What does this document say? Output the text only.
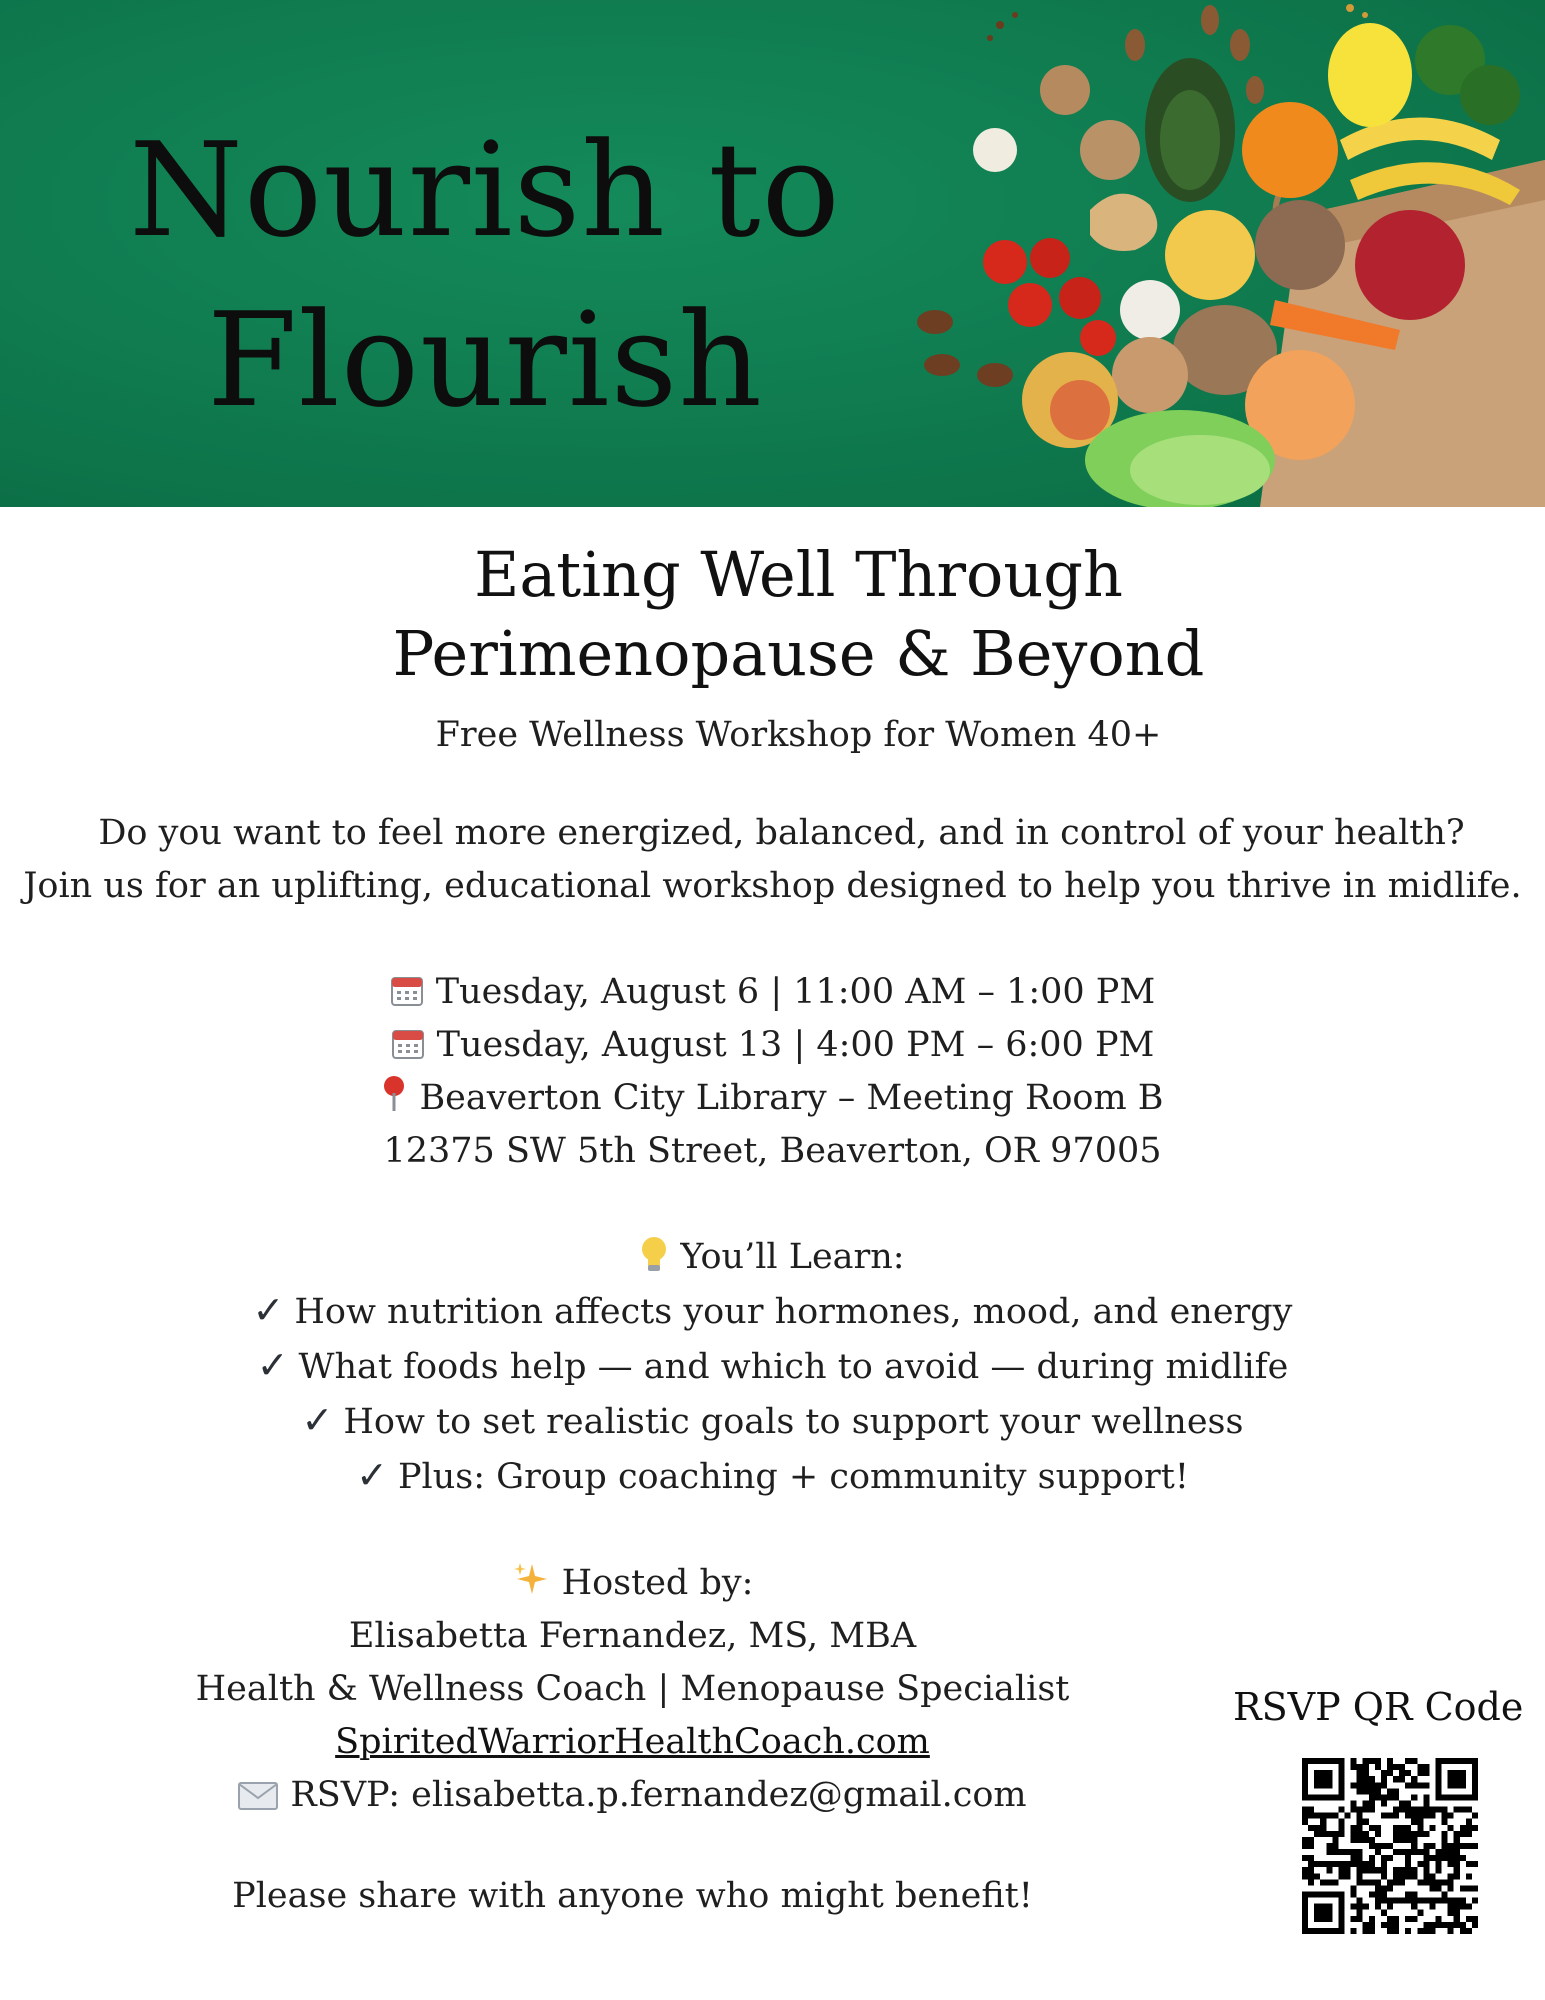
Nourish to
Flourish
Eating Well Through
Perimenopause & Beyond
Free Wellness Workshop for Women 40+
Do you want to feel more energized, balanced, and in control of your health?
Join us for an uplifting, educational workshop designed to help you thrive in midlife.
Tuesday, August 6 | 11:00 AM – 1:00 PM
Tuesday, August 13 | 4:00 PM – 6:00 PM
Beaverton City Library – Meeting Room B
12375 SW 5th Street, Beaverton, OR 97005
You’ll Learn:
✓ How nutrition affects your hormones, mood, and energy
✓ What foods help — and which to avoid — during midlife
✓ How to set realistic goals to support your wellness
✓ Plus: Group coaching + community support!
Hosted by:
Elisabetta Fernandez, MS, MBA
Health & Wellness Coach | Menopause Specialist
SpiritedWarriorHealthCoach.com
RSVP: elisabetta.p.fernandez@gmail.com
Please share with anyone who might benefit!
RSVP QR Code
